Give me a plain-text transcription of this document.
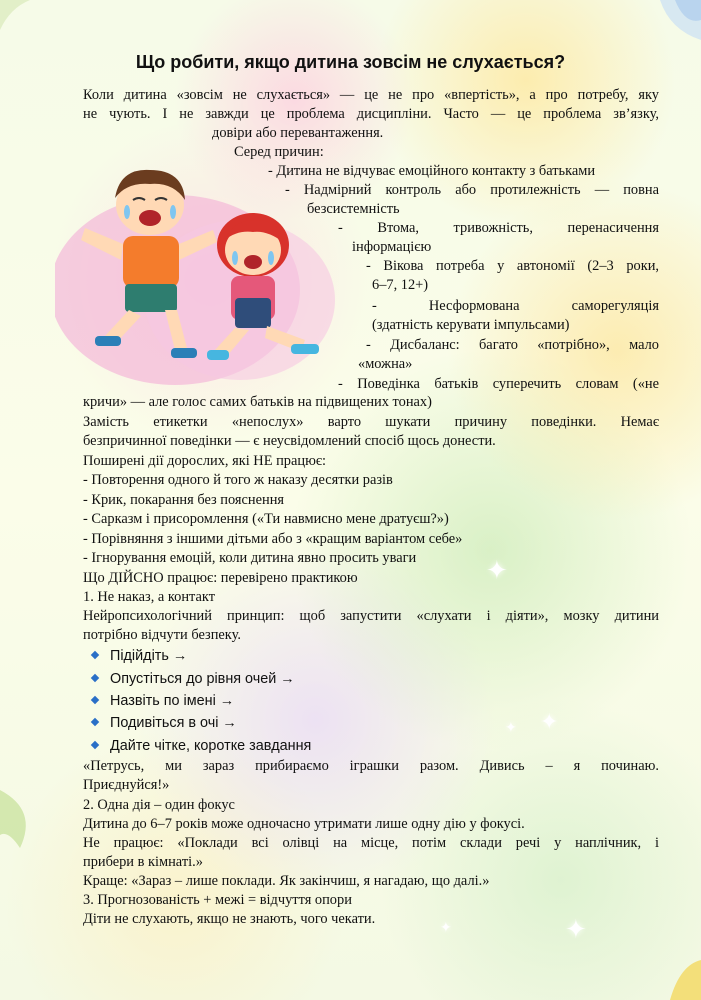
✦
✦
✦
✦
✦
Що робити, якщо дитина зовсім не слухається?

Коли дитина «зовсім не слухається» — це не про «впертість», а про потребу, яку

не чують. І не завжди це проблема дисципліни. Часто — це проблема зв’язку,

довіри або перевантаження.

Серед причин:

- Дитина не відчуває емоційного контакту з батьками

- Надмірний контроль або протилежність — повна

безсистемність

- Втома, тривожність, перенасичення

інформацією

- Вікова потреба у автономії (2–3 роки,

6–7, 12+)

- Несформована саморегуляція

(здатність керувати імпульсами)

- Дисбаланс: багато «потрібно», мало

«можна»

- Поведінка батьків суперечить словам («не

кричи» — але голос самих батьків на підвищених тонах)

Замість етикетки «непослух» варто шукати причину поведінки. Немає

безпричинної поведінки — є неусвідомлений спосіб щось донести.

Поширені дії дорослих, які НЕ працює:

- Повторення одного й того ж наказу десятки разів

- Крик, покарання без пояснення

- Сарказм і присоромлення («Ти навмисно мене дратуєш?»)

- Порівняння з іншими дітьми або з «кращим варіантом себе»

- Ігнорування емоцій, коли дитина явно просить уваги

Що ДІЙСНО працює: перевірено практикою

1. Не наказ, а контакт

Нейропсихологічний принцип: щоб запустити «слухати і діяти», мозку дитини

потрібно відчути безпеку.

Підійдіть →
Опустіться до рівня очей →
Назвіть по імені →
Подивіться в очі →
Дайте чітке, коротке завдання

«Петрусь, ми зараз прибираємо іграшки разом. Дивись – я починаю.

Приєднуйся!»

2. Одна дія – один фокус

Дитина до 6–7 років може одночасно утримати лише одну дію у фокусі.

Не працює: «Поклади всі олівці на місце, потім склади речі у наплічник, і

прибери в кімнаті.»

Краще: «Зараз – лише поклади. Як закінчиш, я нагадаю, що далі.»

3. Прогнозованість + межі = відчуття опори

Діти не слухають, якщо не знають, чого чекати.
